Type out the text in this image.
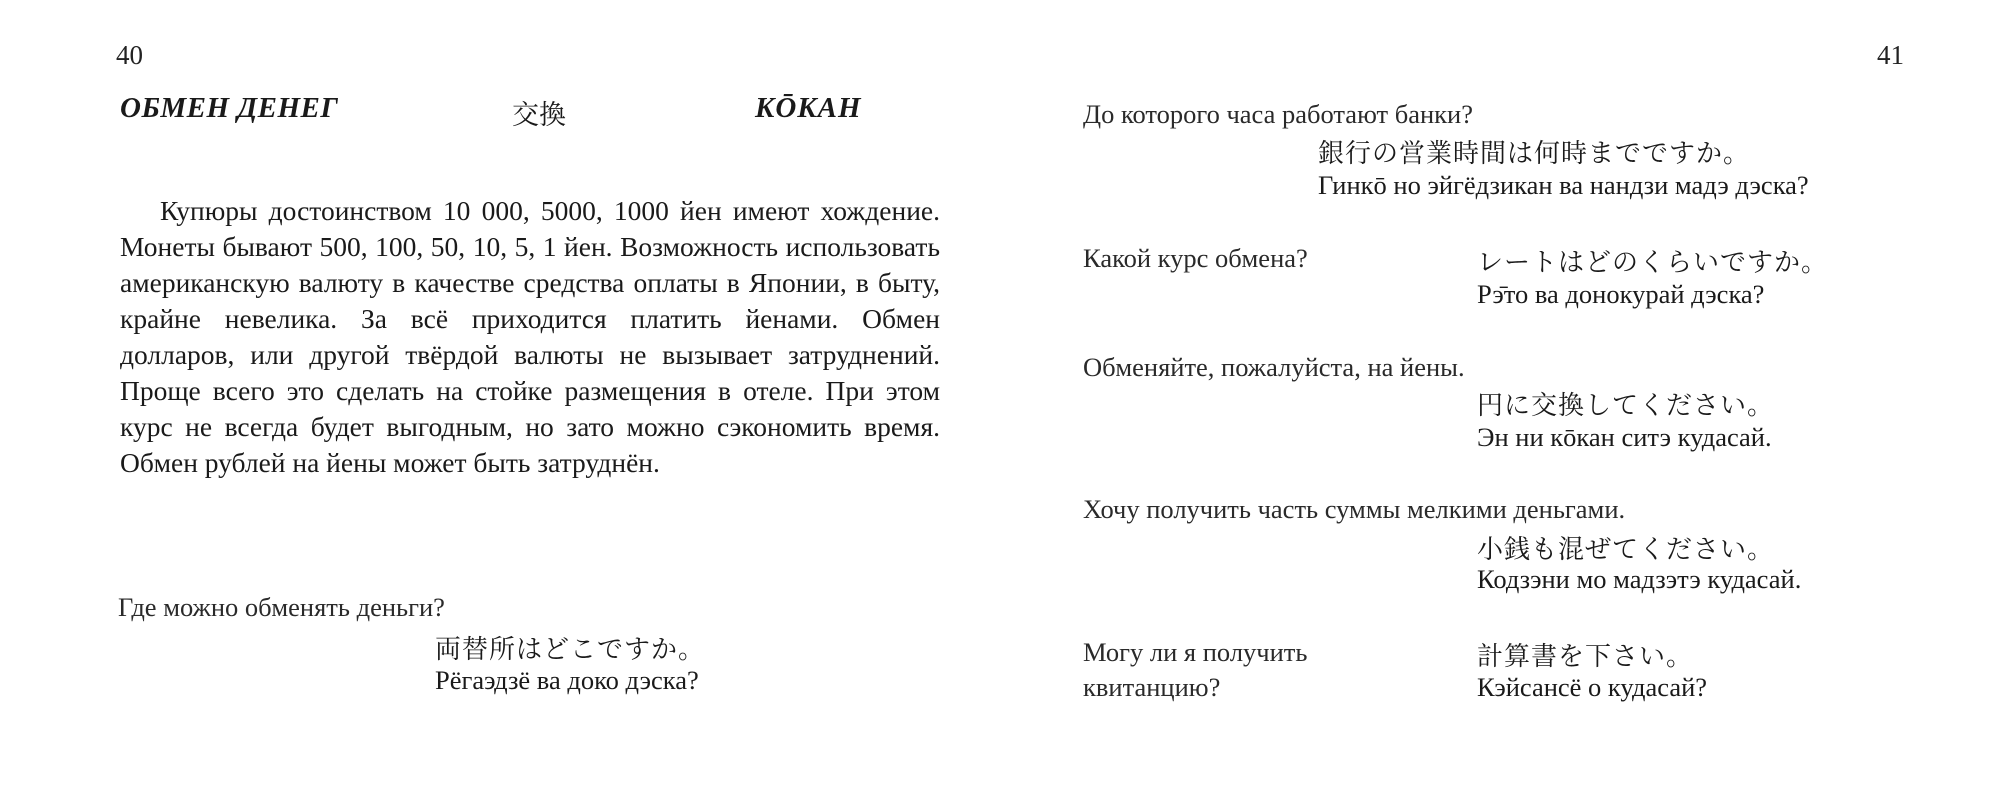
40
ОБМЕН ДЕНЕГ	交換	KŌKAH

Купюры достоинством 10 000, 5000, 1000 йен имеют хождение. Монеты бывают 500, 100, 50, 10, 5, 1 йен. Возможность использовать американскую валюту в качестве средства оплаты в Японии, в быту, крайне невелика. За всё приходится платить йенами. Обмен долларов, или другой твёрдой валюты не вызывает затруднений. Проще всего это сделать на стойке размещения в отеле. При этом курс не всегда будет выгодным, но зато можно сэкономить время. Обмен рублей на йены может быть затруднён.

Где можно обменять деньги?
両替所はどこですか。
Рёгаэдзё ва доко дэска?
41
До которого часа работают банки?
銀行の営業時間は何時までですか。
Гинкō но эйгёдзикан ва нандзи мадэ дэска?
Какой курс обмена?	レートはどのくらいですか。
Рэ̄то ва донокурай дэска?
Обменяйте, пожалуйста, на йены.
円に交換してください。
Эн ни кōкан ситэ кудасай.
Хочу получить часть суммы мелкими деньгами.
小銭も混ぜてください。
Кодзэни мо мадзэтэ кудасай.
Могу ли я получить
квитанцию?
計算書を下さい。
Кэйсансё о кудасай?
